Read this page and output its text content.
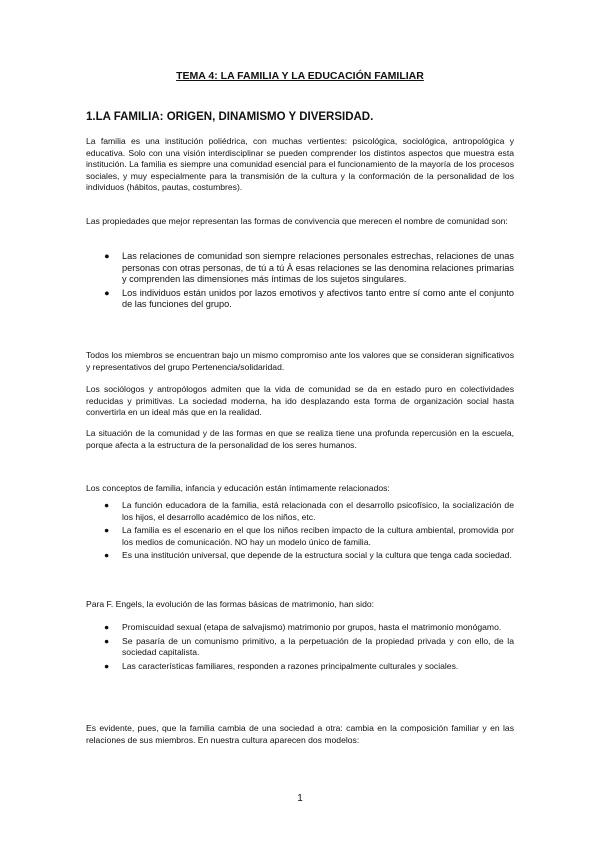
TEMA 4: LA FAMILIA Y LA EDUCACIÓN FAMILIAR
1.LA FAMILIA: ORIGEN, DINAMISMO Y DIVERSIDAD.

La familia es una institución poliédrica, con muchas vertientes: psicológica, sociológica, antropológica y educativa. Solo con una visión interdisciplinar se pueden comprender los distintos aspectos que muestra esta institución. La familia es siempre una comunidad esencial para el funcionamiento de la mayoría de los procesos sociales, y muy especialmente para la transmisión de la cultura y la conformación de la personalidad de los individuos (hábitos, pautas, costumbres).

Las propiedades que mejor representan las formas de convivencia que merecen el nombre de comunidad son:

● Las relaciones de comunidad son siempre relaciones personales estrechas, relaciones de unas personas con otras personas, de tú a tú À esas relaciones se las denomina relaciones primarias y comprenden las dimensiones más íntimas de los sujetos singulares.
● Los individuos están unidos por lazos emotivos y afectivos tanto entre sí como ante el conjunto de las funciones del grupo.

Todos los miembros se encuentran bajo un mismo compromiso ante los valores que se consideran significativos y representativos del grupo Pertenencia/solidaridad.

Los sociólogos y antropólogos admiten que la vida de comunidad se da en estado puro en colectividades reducidas y primitivas. La sociedad moderna, ha ido desplazando esta forma de organización social hasta convertirla en un ideal más que en la realidad.

La situación de la comunidad y de las formas en que se realiza tiene una profunda repercusión en la escuela, porque afecta a la estructura de la personalidad de los seres humanos.

Los conceptos de familia, infancia y educación están íntimamente relacionados:

● La función educadora de la familia, está relacionada con el desarrollo psicofísico, la socialización de los hijos, el desarrollo académico de los niños, etc.
● La familia es el escenario en el que los niños reciben impacto de la cultura ambiental, promovida por los medios de comunicación. NO hay un modelo único de familia.
● Es una institución universal, que depende de la estructura social y la cultura que tenga cada sociedad.

Para F. Engels, la evolución de las formas básicas de matrimonio, han sido:

● Promiscuidad sexual (etapa de salvajismo) matrimonio por grupos, hasta el matrimonio monógamo.
● Se pasaría de un comunismo primitivo, a la perpetuación de la propiedad privada y con ello, de la sociedad capitalista.
● Las características familiares, responden a razones principalmente culturales y sociales.

Es evidente, pues, que la familia cambia de una sociedad a otra: cambia en la composición familiar y en las relaciones de sus miembros. En nuestra cultura aparecen dos modelos:

1
